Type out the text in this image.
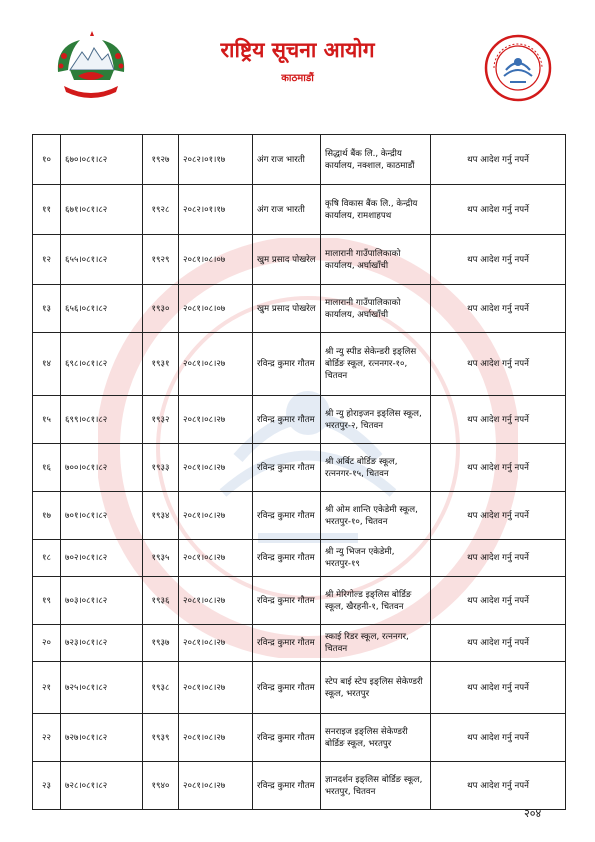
राष्ट्रिय सूचना आयोग
काठमाडौं
१०	६७०।०८१।८२	१९२७	२०८२।०१।१७	अंग राज भारती	सिद्धार्थ बैंक लि., केन्द्रीय कार्यालय, नक्शाल, काठमाडौं	थप आदेश गर्नु नपर्ने
११	६७१।०८१।८२	१९२८	२०८२।०१।१७	अंग राज भारती	कृषि विकास बैंक लि., केन्द्रीय कार्यालय, रामशाहपथ	थप आदेश गर्नु नपर्ने
१२	६५५।०८१।८२	१९२९	२०८१।०८।०७	खुम प्रसाद पोखरेल	मालारानी गाउँपालिकाको कार्यालय, अर्घाखाँची	थप आदेश गर्नु नपर्ने
१३	६५६।०८१।८२	१९३०	२०८१।०८।०७	खुम प्रसाद पोखरेल	मालारानी गाउँपालिकाको कार्यालय, अर्घाखाँची	थप आदेश गर्नु नपर्ने
१४	६९८।०८१।८२	१९३१	२०८१।०८।२७	रविन्द्र कुमार गौतम	श्री न्यु स्पीड सेकेन्डरी इङ्लिस बोर्डिङ स्कूल, रत्ननगर-१०, चितवन	थप आदेश गर्नु नपर्ने
१५	६९९।०८१।८२	१९३२	२०८१।०८।२७	रविन्द्र कुमार गौतम	श्री न्यु होराइजन इङ्लिस स्कूल, भरतपुर-२, चितवन	थप आदेश गर्नु नपर्ने
१६	७००।०८१।८२	१९३३	२०८१।०८।२७	रविन्द्र कुमार गौतम	श्री अर्बिट बोर्डिङ स्कूल, रत्ननगर-१५, चितवन	थप आदेश गर्नु नपर्ने
१७	७०१।०८१।८२	१९३४	२०८१।०८।२७	रविन्द्र कुमार गौतम	श्री ओम शान्ति एकेडेमी स्कूल, भरतपुर-१०, चितवन	थप आदेश गर्नु नपर्ने
१८	७०२।०८१।८२	१९३५	२०८१।०८।२७	रविन्द्र कुमार गौतम	श्री न्यु भिजन एकेडेमी, भरतपुर-१९	थप आदेश गर्नु नपर्ने
१९	७०३।०८१।८२	१९३६	२०८१।०८।२७	रविन्द्र कुमार गौतम	श्री मेरिगोल्ड इङ्लिस बोर्डिङ स्कूल, खैरहनी-१, चितवन	थप आदेश गर्नु नपर्ने
२०	७२३।०८१।८२	१९३७	२०८१।०८।२७	रविन्द्र कुमार गौतम	स्काई रिडर स्कूल, रत्ननगर, चितवन	थप आदेश गर्नु नपर्ने
२१	७२५।०८१।८२	१९३८	२०८१।०८।२७	रविन्द्र कुमार गौतम	स्टेप बाई स्टेप इङ्लिस सेकेण्डरी स्कूल, भरतपुर	थप आदेश गर्नु नपर्ने
२२	७२७।०८१।८२	१९३९	२०८१।०८।२७	रविन्द्र कुमार गौतम	सनराइज इङ्लिस सेकेण्डरी बोर्डिङ स्कूल, भरतपुर	थप आदेश गर्नु नपर्ने
२३	७२८।०८१।८२	१९४०	२०८१।०८।२७	रविन्द्र कुमार गौतम	ज्ञानदर्शन इङ्लिस बोर्डिङ स्कूल, भरतपुर, चितवन	थप आदेश गर्नु नपर्ने
२०४
